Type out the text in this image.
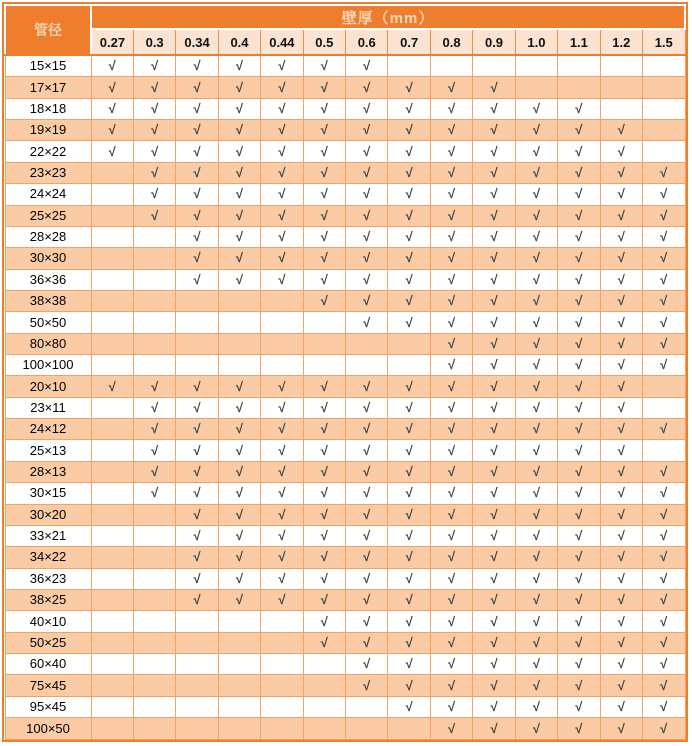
管径	壁厚（mm）													
	0.27	0.3	0.34	0.4	0.44	0.5	0.6	0.7	0.8	0.9	1.0	1.1	1.2	1.5
15×15	√	√	√	√	√	√	√							
17×17	√	√	√	√	√	√	√	√	√	√				
18×18	√	√	√	√	√	√	√	√	√	√	√	√		
19×19	√	√	√	√	√	√	√	√	√	√	√	√	√	
22×22	√	√	√	√	√	√	√	√	√	√	√	√	√	
23×23		√	√	√	√	√	√	√	√	√	√	√	√	√
24×24		√	√	√	√	√	√	√	√	√	√	√	√	√
25×25		√	√	√	√	√	√	√	√	√	√	√	√	√
28×28			√	√	√	√	√	√	√	√	√	√	√	√
30×30			√	√	√	√	√	√	√	√	√	√	√	√
36×36			√	√	√	√	√	√	√	√	√	√	√	√
38×38						√	√	√	√	√	√	√	√	√
50×50							√	√	√	√	√	√	√	√
80×80									√	√	√	√	√	√
100×100									√	√	√	√	√	√
20×10	√	√	√	√	√	√	√	√	√	√	√	√	√	
23×11		√	√	√	√	√	√	√	√	√	√	√	√	
24×12		√	√	√	√	√	√	√	√	√	√	√	√	√
25×13		√	√	√	√	√	√	√	√	√	√	√	√	
28×13		√	√	√	√	√	√	√	√	√	√	√	√	√
30×15		√	√	√	√	√	√	√	√	√	√	√	√	√
30×20			√	√	√	√	√	√	√	√	√	√	√	√
33×21			√	√	√	√	√	√	√	√	√	√	√	√
34×22			√	√	√	√	√	√	√	√	√	√	√	√
36×23			√	√	√	√	√	√	√	√	√	√	√	√
38×25			√	√	√	√	√	√	√	√	√	√	√	√
40×10						√	√	√	√	√	√	√	√	√
50×25						√	√	√	√	√	√	√	√	√
60×40							√	√	√	√	√	√	√	√
75×45							√	√	√	√	√	√	√	√
95×45								√	√	√	√	√	√	√
100×50									√	√	√	√	√	√
